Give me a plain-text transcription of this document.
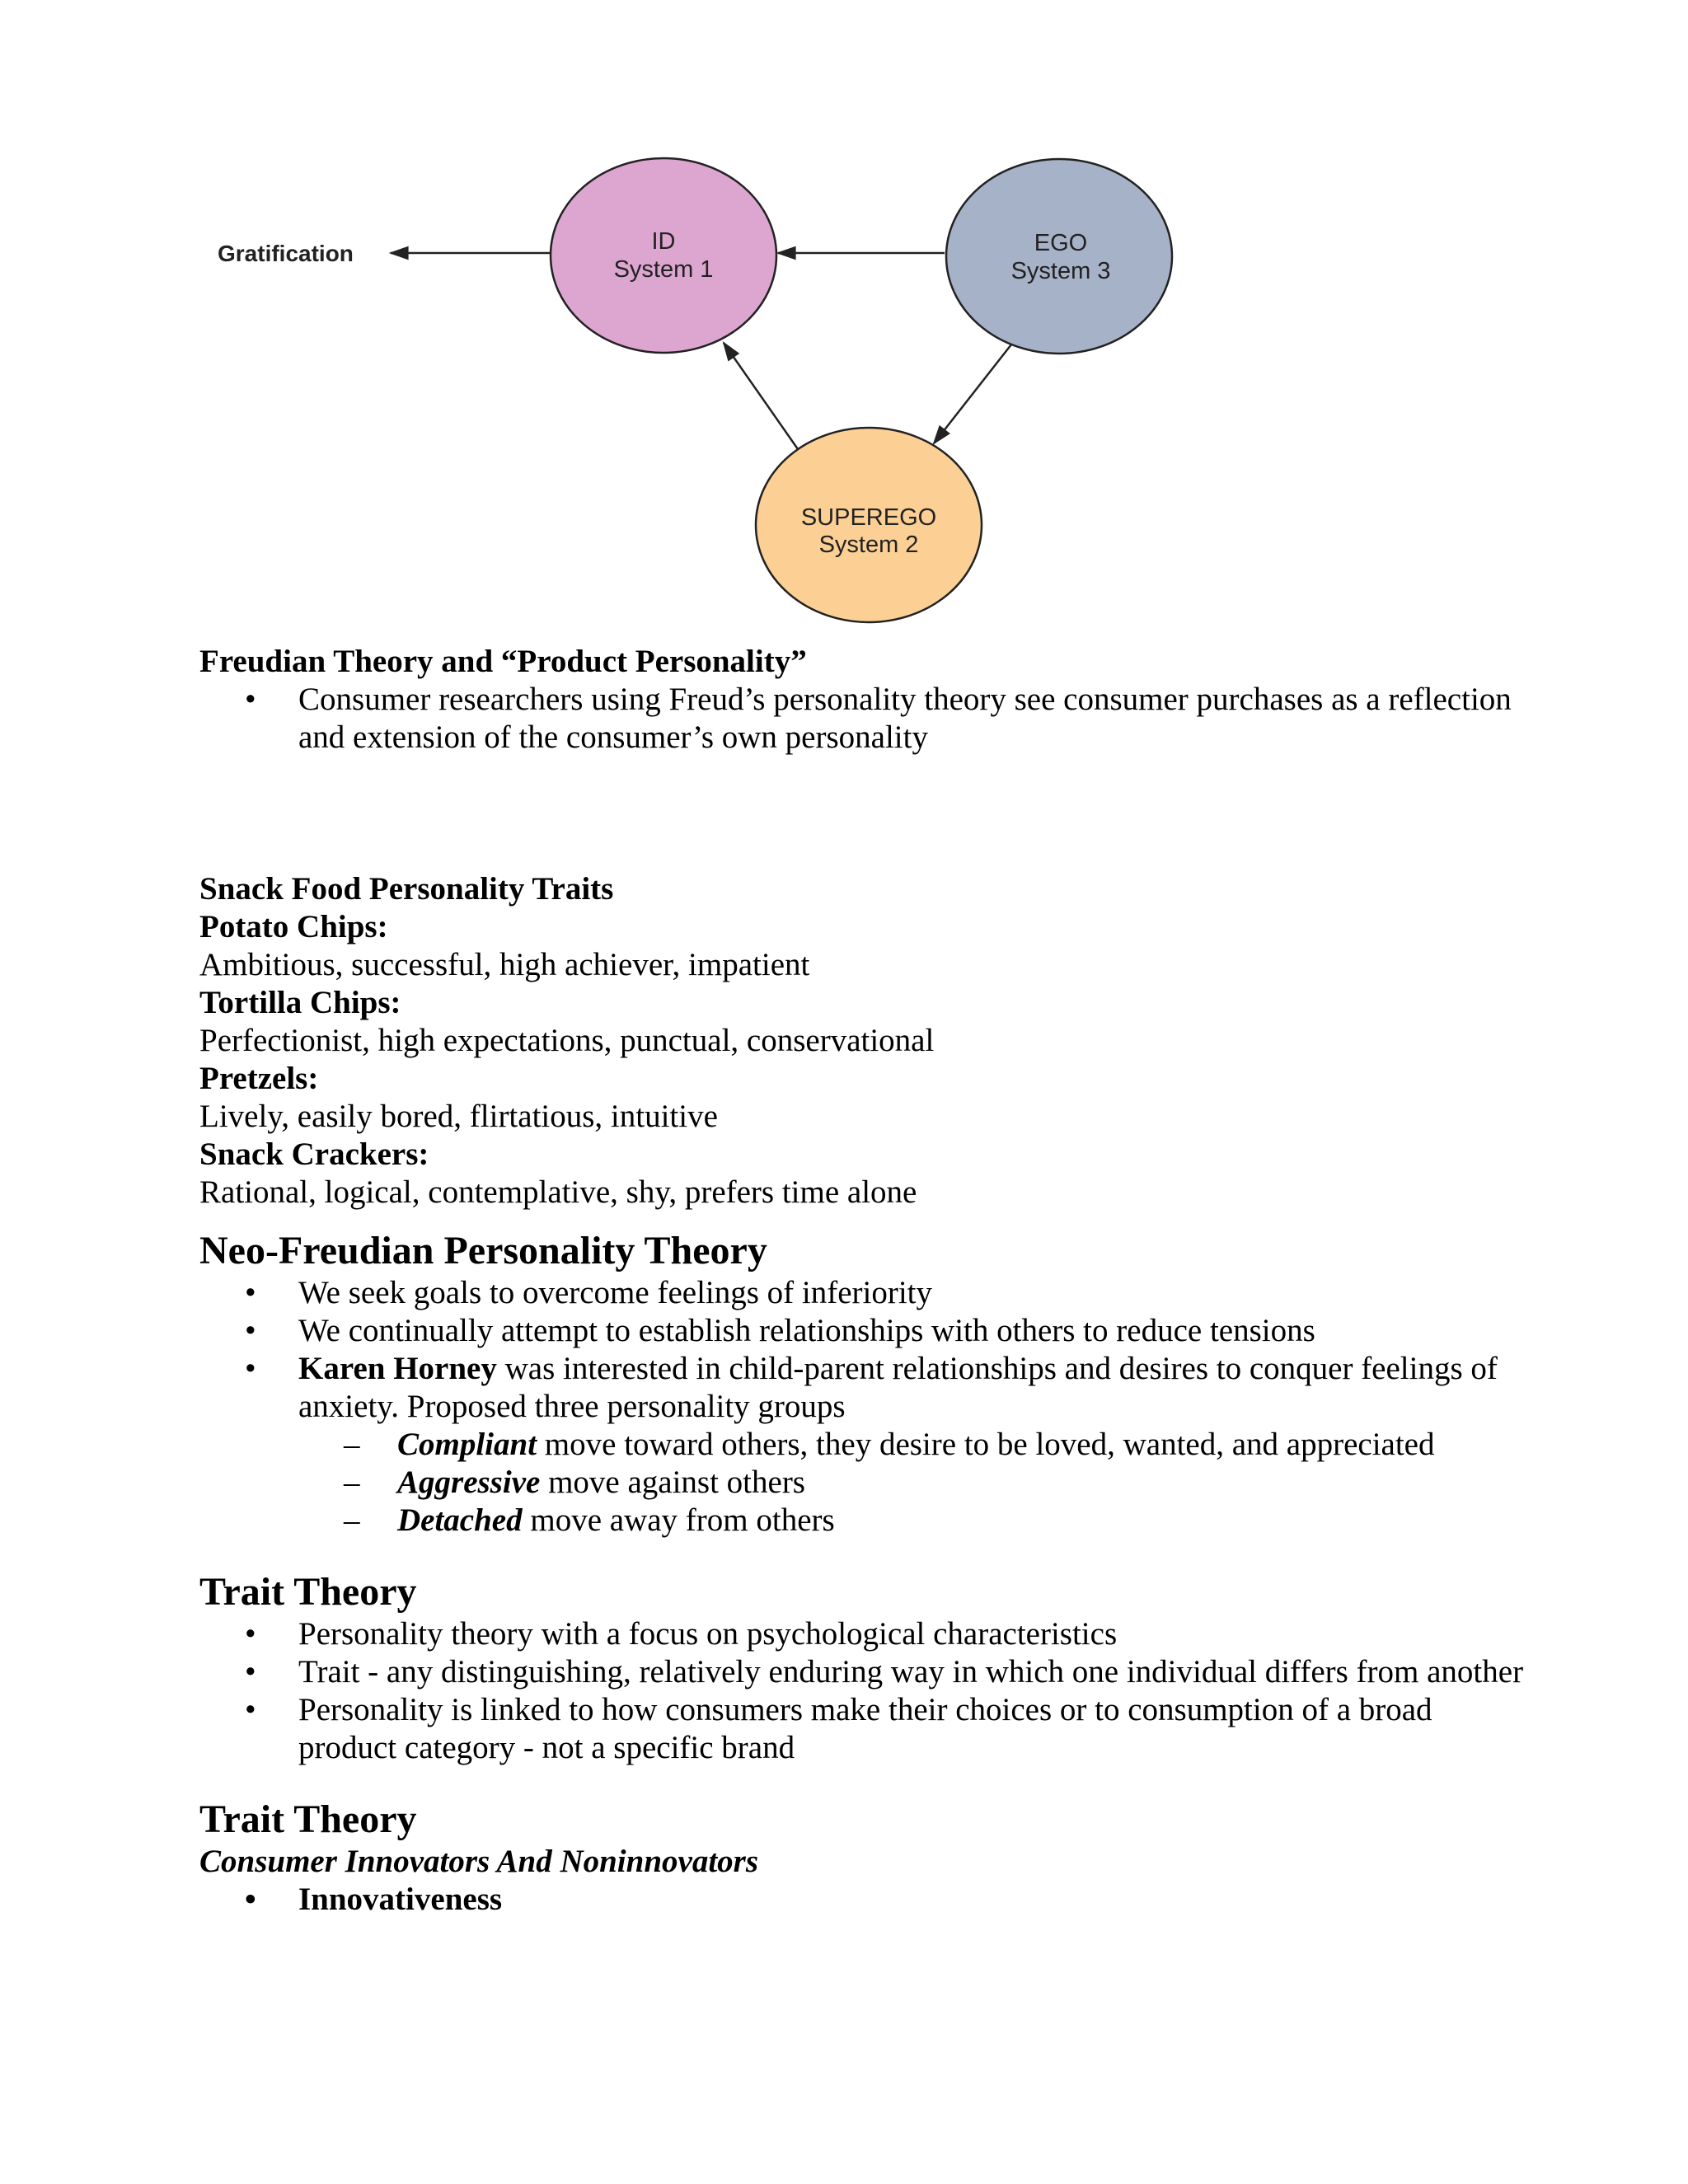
Gratification	ID
System 1
EGO
System 3
SUPEREGO
System 2
Freudian Theory and “Product Personality”
• Consumer researchers using Freud’s personality theory see consumer purchases as a reflection and extension of the consumer’s own personality

Snack Food Personality Traits

Potato Chips:

Ambitious, successful, high achiever, impatient

Tortilla Chips:

Perfectionist, high expectations, punctual, conservational

Pretzels:

Lively, easily bored, flirtatious, intuitive

Snack Crackers:

Rational, logical, contemplative, shy, prefers time alone

Neo-Freudian Personality Theory
• We seek goals to overcome feelings of inferiority
• We continually attempt to establish relationships with others to reduce tensions
• Karen Horney was interested in child-parent relationships and desires to conquer feelings of anxiety. Proposed three personality groups
– Compliant move toward others, they desire to be loved, wanted, and appreciated
– Aggressive move against others
– Detached move away from others
Trait Theory
• Personality theory with a focus on psychological characteristics
• Trait - any distinguishing, relatively enduring way in which one individual differs from another
• Personality is linked to how consumers make their choices or to consumption of a broad product category - not a specific brand
Trait Theory
Consumer Innovators And Noninnovators
• Innovativeness
